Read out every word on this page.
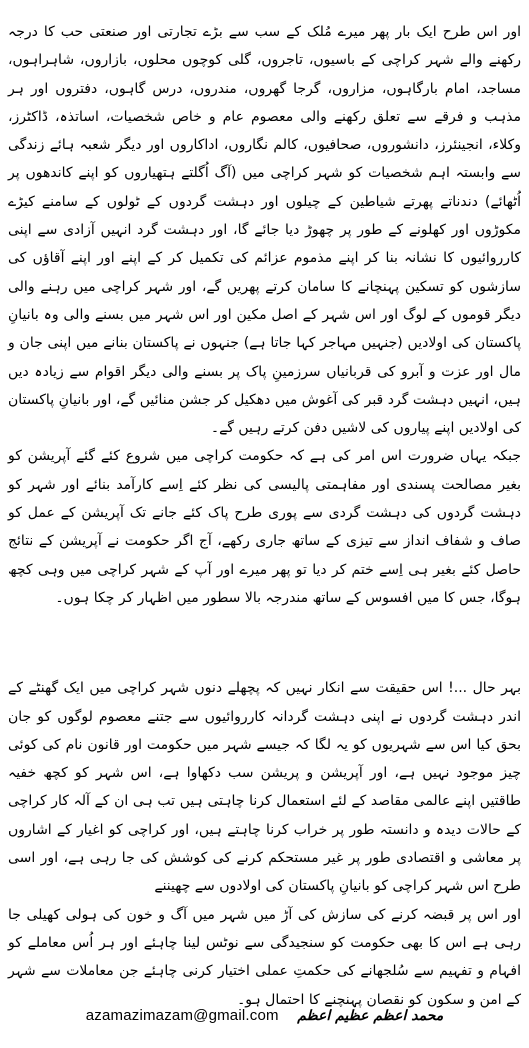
اور اس طرح ایک بار پھر میرے مُلک کے سب سے بڑے تجارتی اور صنعتی حب کا درجہ رکھنے والے شہر کراچی کے باسیوں، تاجروں، گلی کوچوں محلوں، بازاروں، شاہراہوں، مساجد، امام بارگاہوں، مزاروں، گرجا گھروں، مندروں، درس گاہوں، دفتروں اور ہر مذہب و فرقے سے تعلق رکھنے والی معصوم عام و خاص شخصیات، اساتذہ، ڈاکٹرز، وکلاء، انجینئرز، دانشوروں، صحافیوں، کالم نگاروں، اداکاروں اور دیگر شعبہ ہائے زندگی سے وابستہ اہم شخصیات کو شہر کراچی میں (آگ اُگلتے ہتھیاروں کو اپنے کاندھوں پر اُٹھائے) دندناتے پھرتے شیاطین کے چیلوں اور دہشت گردوں کے ٹولوں کے سامنے کیڑے مکوڑوں اور کھلونے کے طور پر چھوڑ دیا جائے گا، اور دہشت گرد انہیں آزادی سے اپنی کارروائیوں کا نشانہ بنا کر اپنے مذموم عزائم کی تکمیل کر کے اپنے اور اپنے آقاؤں کی سازشوں کو تسکین پہنچانے کا سامان کرتے پھریں گے، اور شہر کراچی میں رہنے والی دیگر قوموں کے لوگ اور اس شہر کے اصل مکین اور اس شہر میں بسنے والی وہ بانیانِ پاکستان کی اولادیں (جنہیں مہاجر کہا جاتا ہے) جنہوں نے پاکستان بنانے میں اپنی جان و مال اور عزت و آبرو کی قربانیاں سرزمینِ پاک پر بسنے والی دیگر اقوام سے زیادہ دیں ہیں، انہیں دہشت گرد قبر کی آغوش میں دھکیل کر جشن منائیں گے، اور بانیانِ پاکستان کی اولادیں اپنے پیاروں کی لاشیں دفن کرتے رہیں گے۔

جبکہ یہاں ضرورت اس امر کی ہے کہ حکومت کراچی میں شروع کئے گئے آپریشن کو بغیر مصالحت پسندی اور مفاہمتی پالیسی کی نظر کئے اِسے کارآمد بنائے اور شہر کو دہشت گردوں کی دہشت گردی سے پوری طرح پاک کئے جانے تک آپریشن کے عمل کو صاف و شفاف انداز سے تیزی کے ساتھ جاری رکھے، آج اگر حکومت نے آپریشن کے نتائج حاصل کئے بغیر ہی اِسے ختم کر دیا تو پھر میرے اور آپ کے شہر کراچی میں وہی کچھ ہوگا، جس کا میں افسوس کے ساتھ مندرجہ بالا سطور میں اظہار کر چکا ہوں۔

بہر حال ...! اس حقیقت سے انکار نہیں کہ پچھلے دنوں شہر کراچی میں ایک گھنٹے کے اندر دہشت گردوں نے اپنی دہشت گردانہ کارروائیوں سے جتنے معصوم لوگوں کو جان بحق کیا اس سے شہریوں کو یہ لگا کہ جیسے شہر میں حکومت اور قانون نام کی کوئی چیز موجود نہیں ہے، اور آپریشن و پریشن سب دکھاوا ہے، اس شہر کو کچھ خفیہ طاقتیں اپنے عالمی مقاصد کے لئے استعمال کرنا چاہتی ہیں تب ہی ان کے آلہ کار کراچی کے حالات دیدہ و دانستہ طور پر خراب کرنا چاہتے ہیں، اور کراچی کو اغیار کے اشاروں پر معاشی و اقتصادی طور پر غیر مستحکم کرنے کی کوشش کی جا رہی ہے، اور اسی طرح اس شہر کراچی کو بانیانِ پاکستان کی اولادوں سے چھیننے

اور اس پر قبضہ کرنے کی سازش کی آڑ میں شہر میں آگ و خون کی ہولی کھیلی جا رہی ہے اس کا بھی حکومت کو سنجیدگی سے نوٹس لینا چاہئے اور ہر اُس معاملے کو افہام و تفہیم سے سُلجھانے کی حکمتِ عملی اختیار کرنی چاہئے جن معاملات سے شہر کے امن و سکون کو نقصان پہنچنے کا احتمال ہو۔

azamazimazam@gmail.com محمد اعظم عظیم اعظم
